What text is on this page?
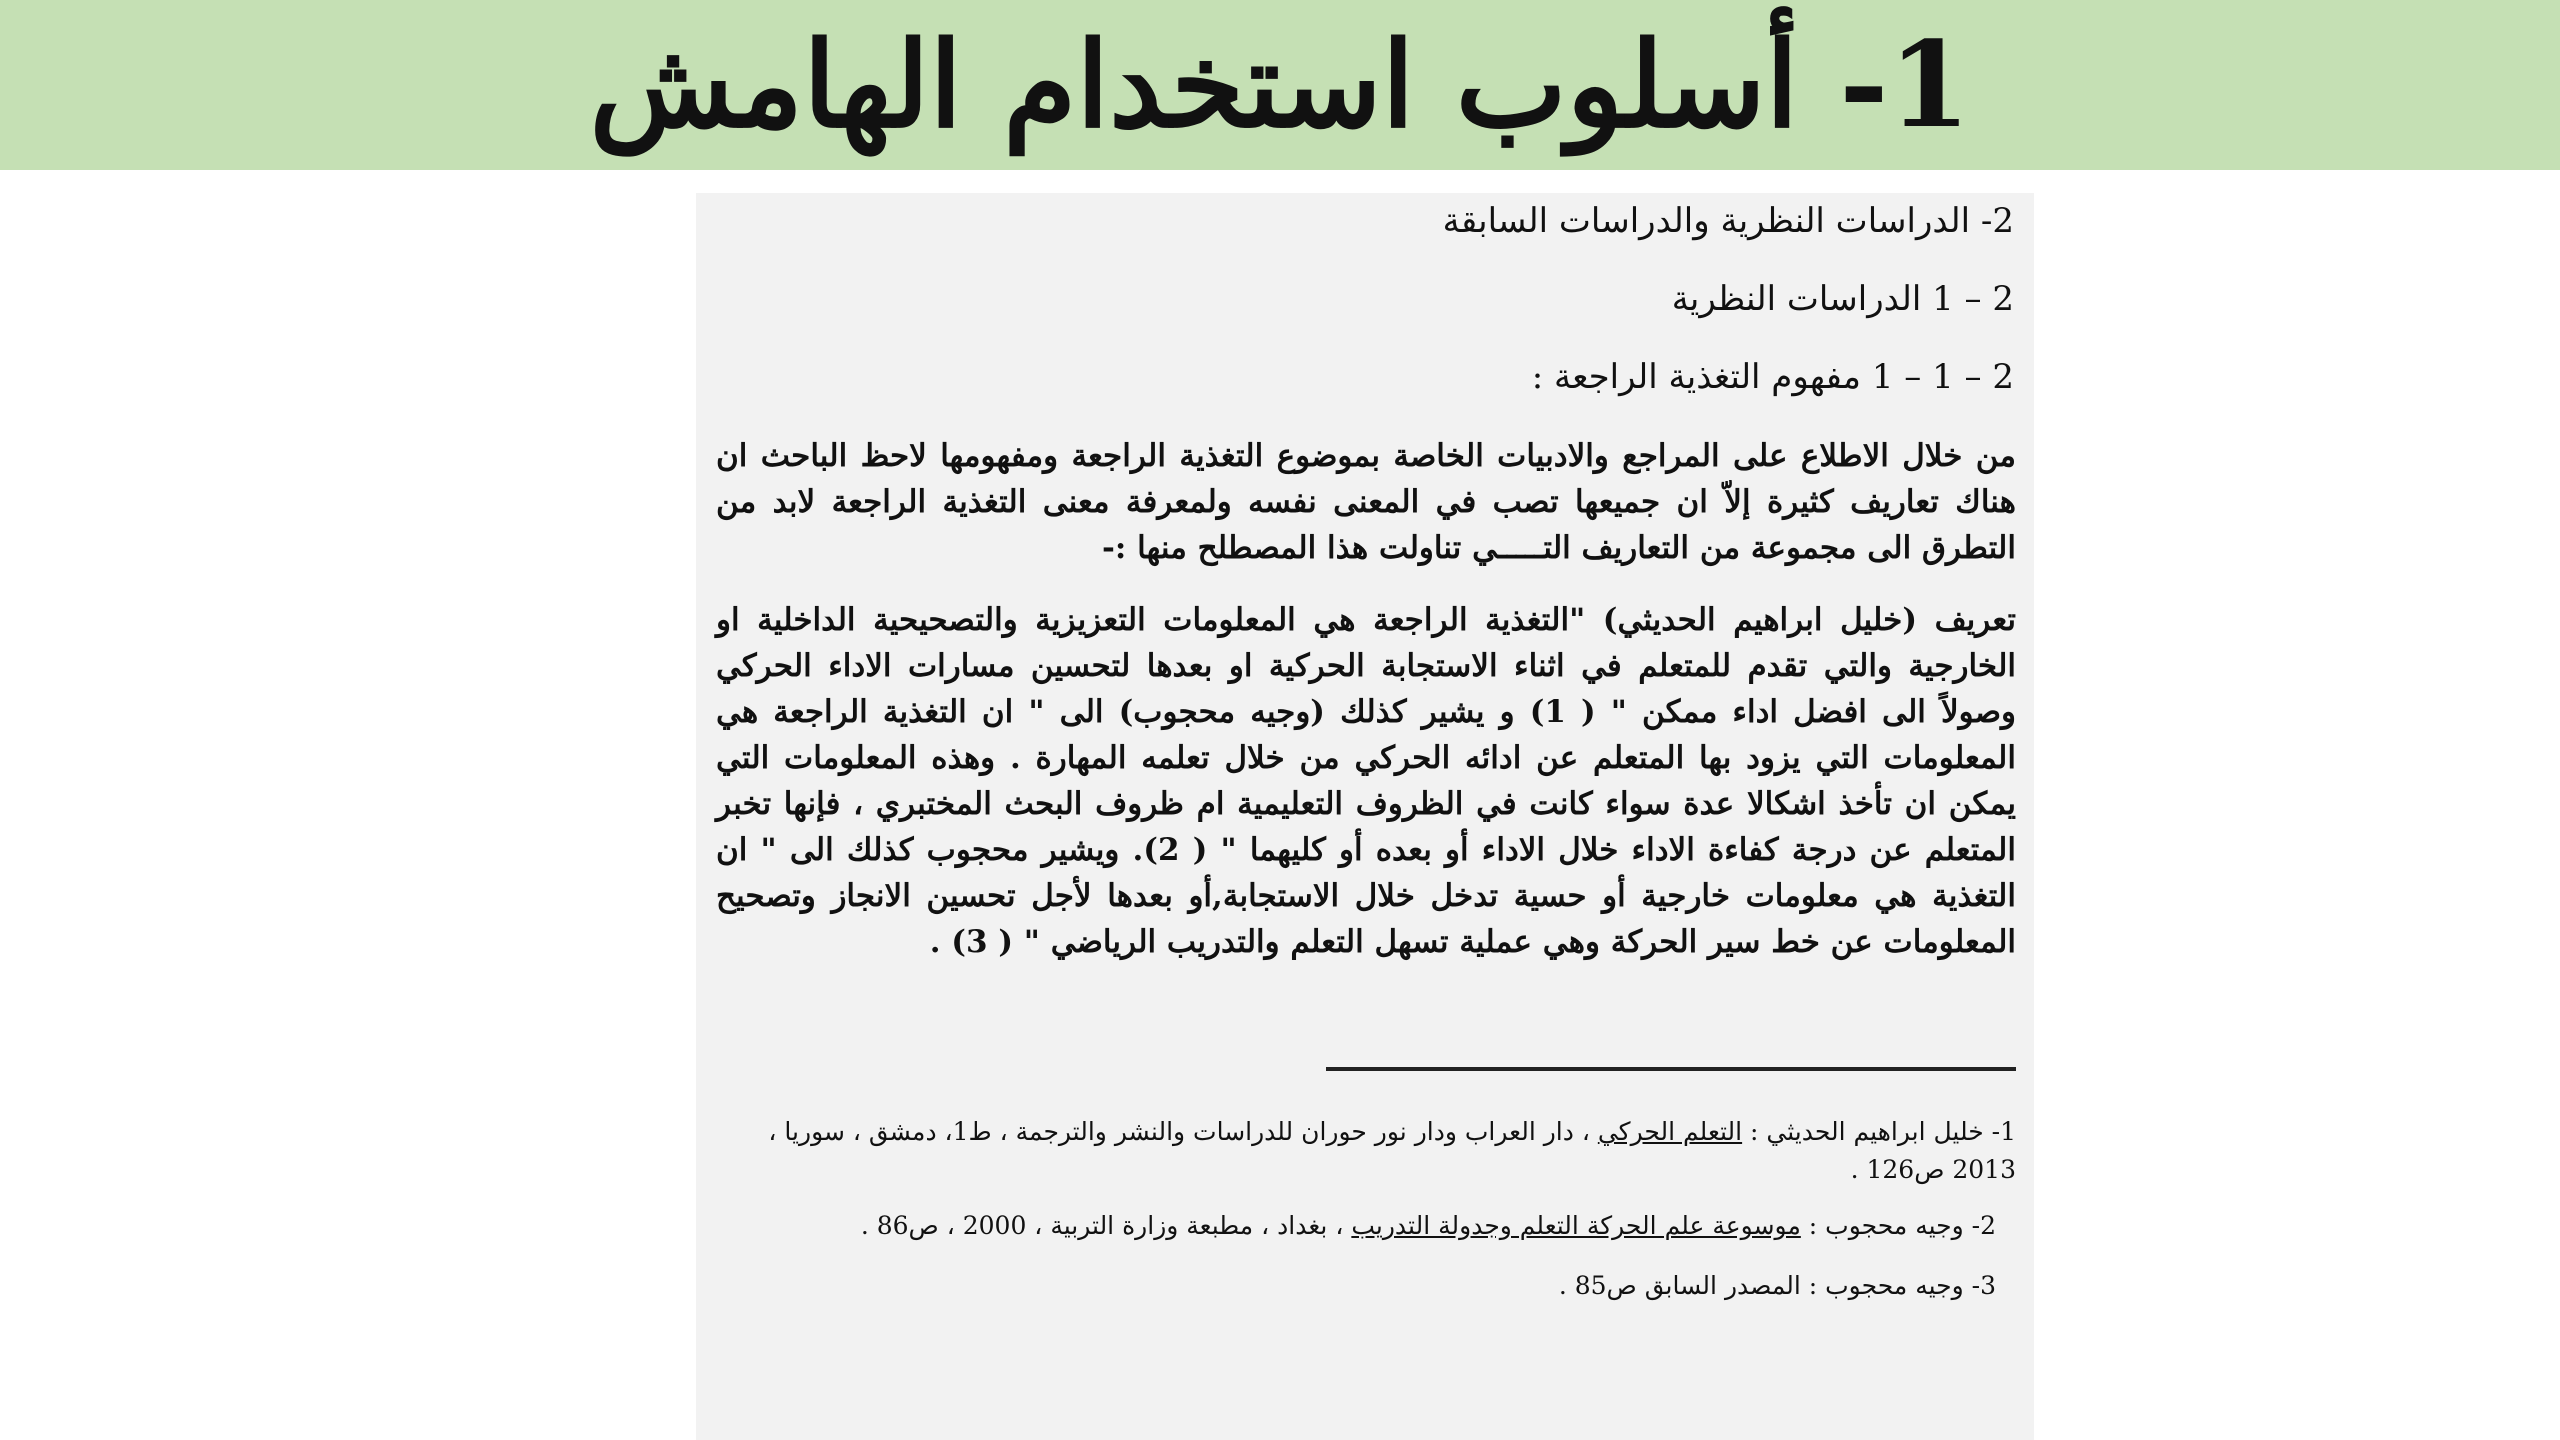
1- أسلوب استخدام الهامش

2- الدراسات النظرية والدراسات السابقة

2 – 1 الدراسات النظرية

2 – 1 – 1 مفهوم التغذية الراجعة :

من خلال الاطلاع على المراجع والادبيات الخاصة بموضوع التغذية الراجعة ومفهومها لاحظ الباحث ان هناك تعاريف كثيرة إلاّ ان جميعها تصب في المعنى نفسه ولمعرفة معنى التغذية الراجعة لابد من التطرق الى مجموعة من التعاريف التـــــي تناولت هذا المصطلح منها :-

تعريف (خليل ابراهيم الحديثي) "التغذية الراجعة هي المعلومات التعزيزية والتصحيحية الداخلية او الخارجية والتي تقدم للمتعلم في اثناء الاستجابة الحركية او بعدها لتحسين مسارات الاداء الحركي وصولاً الى افضل اداء ممكن " ( 1) و يشير كذلك (وجيه محجوب) الى " ان التغذية الراجعة هي المعلومات التي يزود بها المتعلم عن ادائه الحركي من خلال تعلمه المهارة . وهذه المعلومات التي يمكن ان تأخذ اشكالا عدة سواء كانت في الظروف التعليمية ام ظروف البحث المختبري ، فإنها تخبر المتعلم عن درجة كفاءة الاداء خلال الاداء أو بعده أو كليهما " ( 2). ويشير محجوب كذلك الى " ان التغذية هي معلومات خارجية أو حسية تدخل خلال الاستجابة,أو بعدها لأجل تحسين الانجاز وتصحيح المعلومات عن خط سير الحركة وهي عملية تسهل التعلم والتدريب الرياضي " ( 3) .

1- خليل ابراهيم الحديثي : التعلم الحركي ، دار العراب ودار نور حوران للدراسات والنشر والترجمة ، ط1، دمشق ، سوريا ، 2013 ص126 .

2- وجيه محجوب : موسوعة علم الحركة التعلم وجدولة التدريب ، بغداد ، مطبعة وزارة التربية ، 2000 ، ص86 .

3- وجيه محجوب : المصدر السابق ص85 .
